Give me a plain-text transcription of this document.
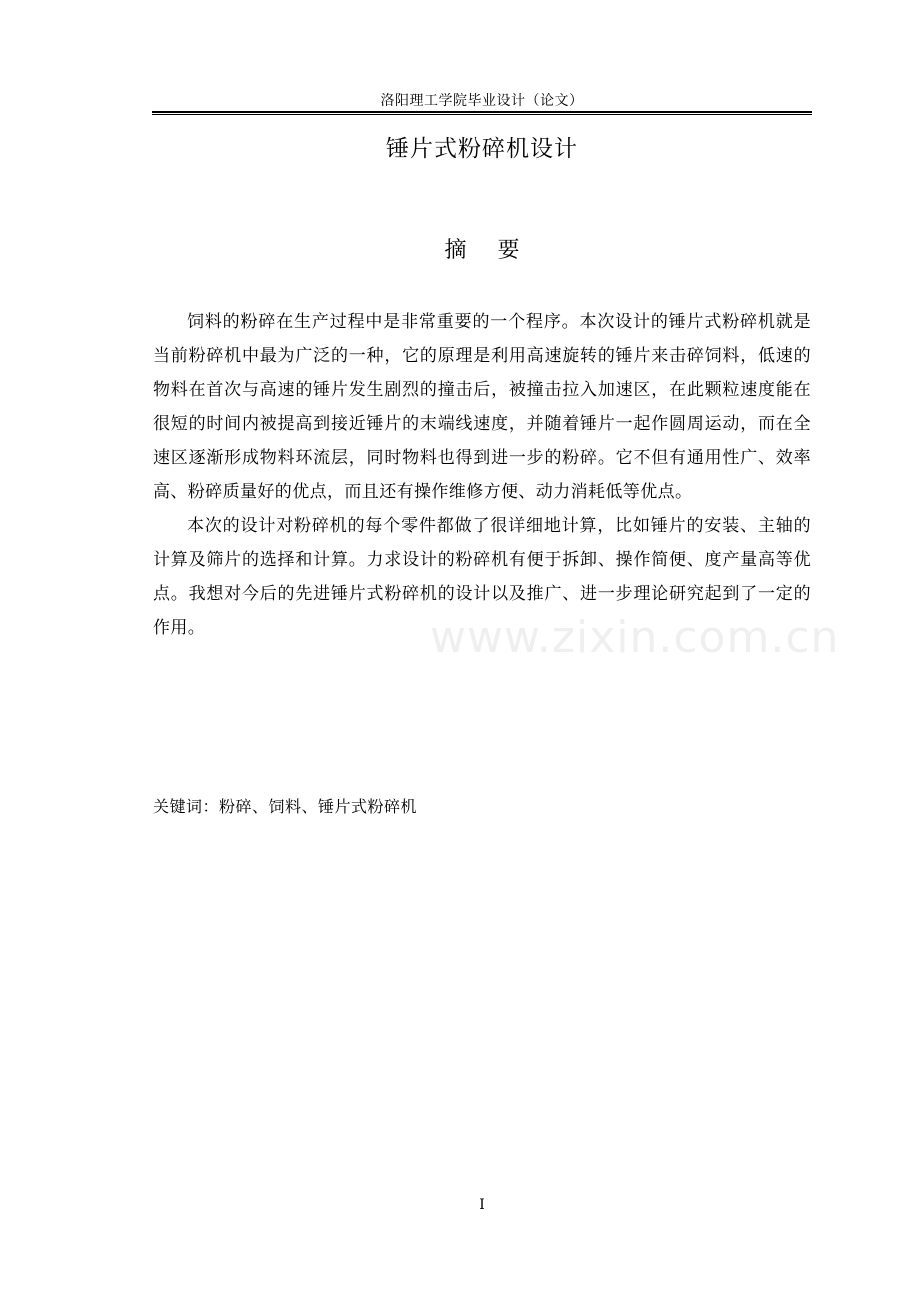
洛阳理工学院毕业设计（论文）
锤片式粉碎机设计
摘 要

饲料的粉碎在生产过程中是非常重要的一个程序。本次设计的锤片式粉碎机就是当前粉碎机中最为广泛的一种，它的原理是利用高速旋转的锤片来击碎饲料，低速的物料在首次与高速的锤片发生剧烈的撞击后，被撞击拉入加速区，在此颗粒速度能在很短的时间内被提高到接近锤片的末端线速度，并随着锤片一起作圆周运动，而在全速区逐渐形成物料环流层，同时物料也得到进一步的粉碎。它不但有通用性广、效率高、粉碎质量好的优点，而且还有操作维修方便、动力消耗低等优点。

本次的设计对粉碎机的每个零件都做了很详细地计算，比如锤片的安装、主轴的计算及筛片的选择和计算。力求设计的粉碎机有便于拆卸、操作简便、度产量高等优点。我想对今后的先进锤片式粉碎机的设计以及推广、进一步理论研究起到了一定的作用。	www.zixin.com.cn
关键词：粉碎、饲料、锤片式粉碎机
I
